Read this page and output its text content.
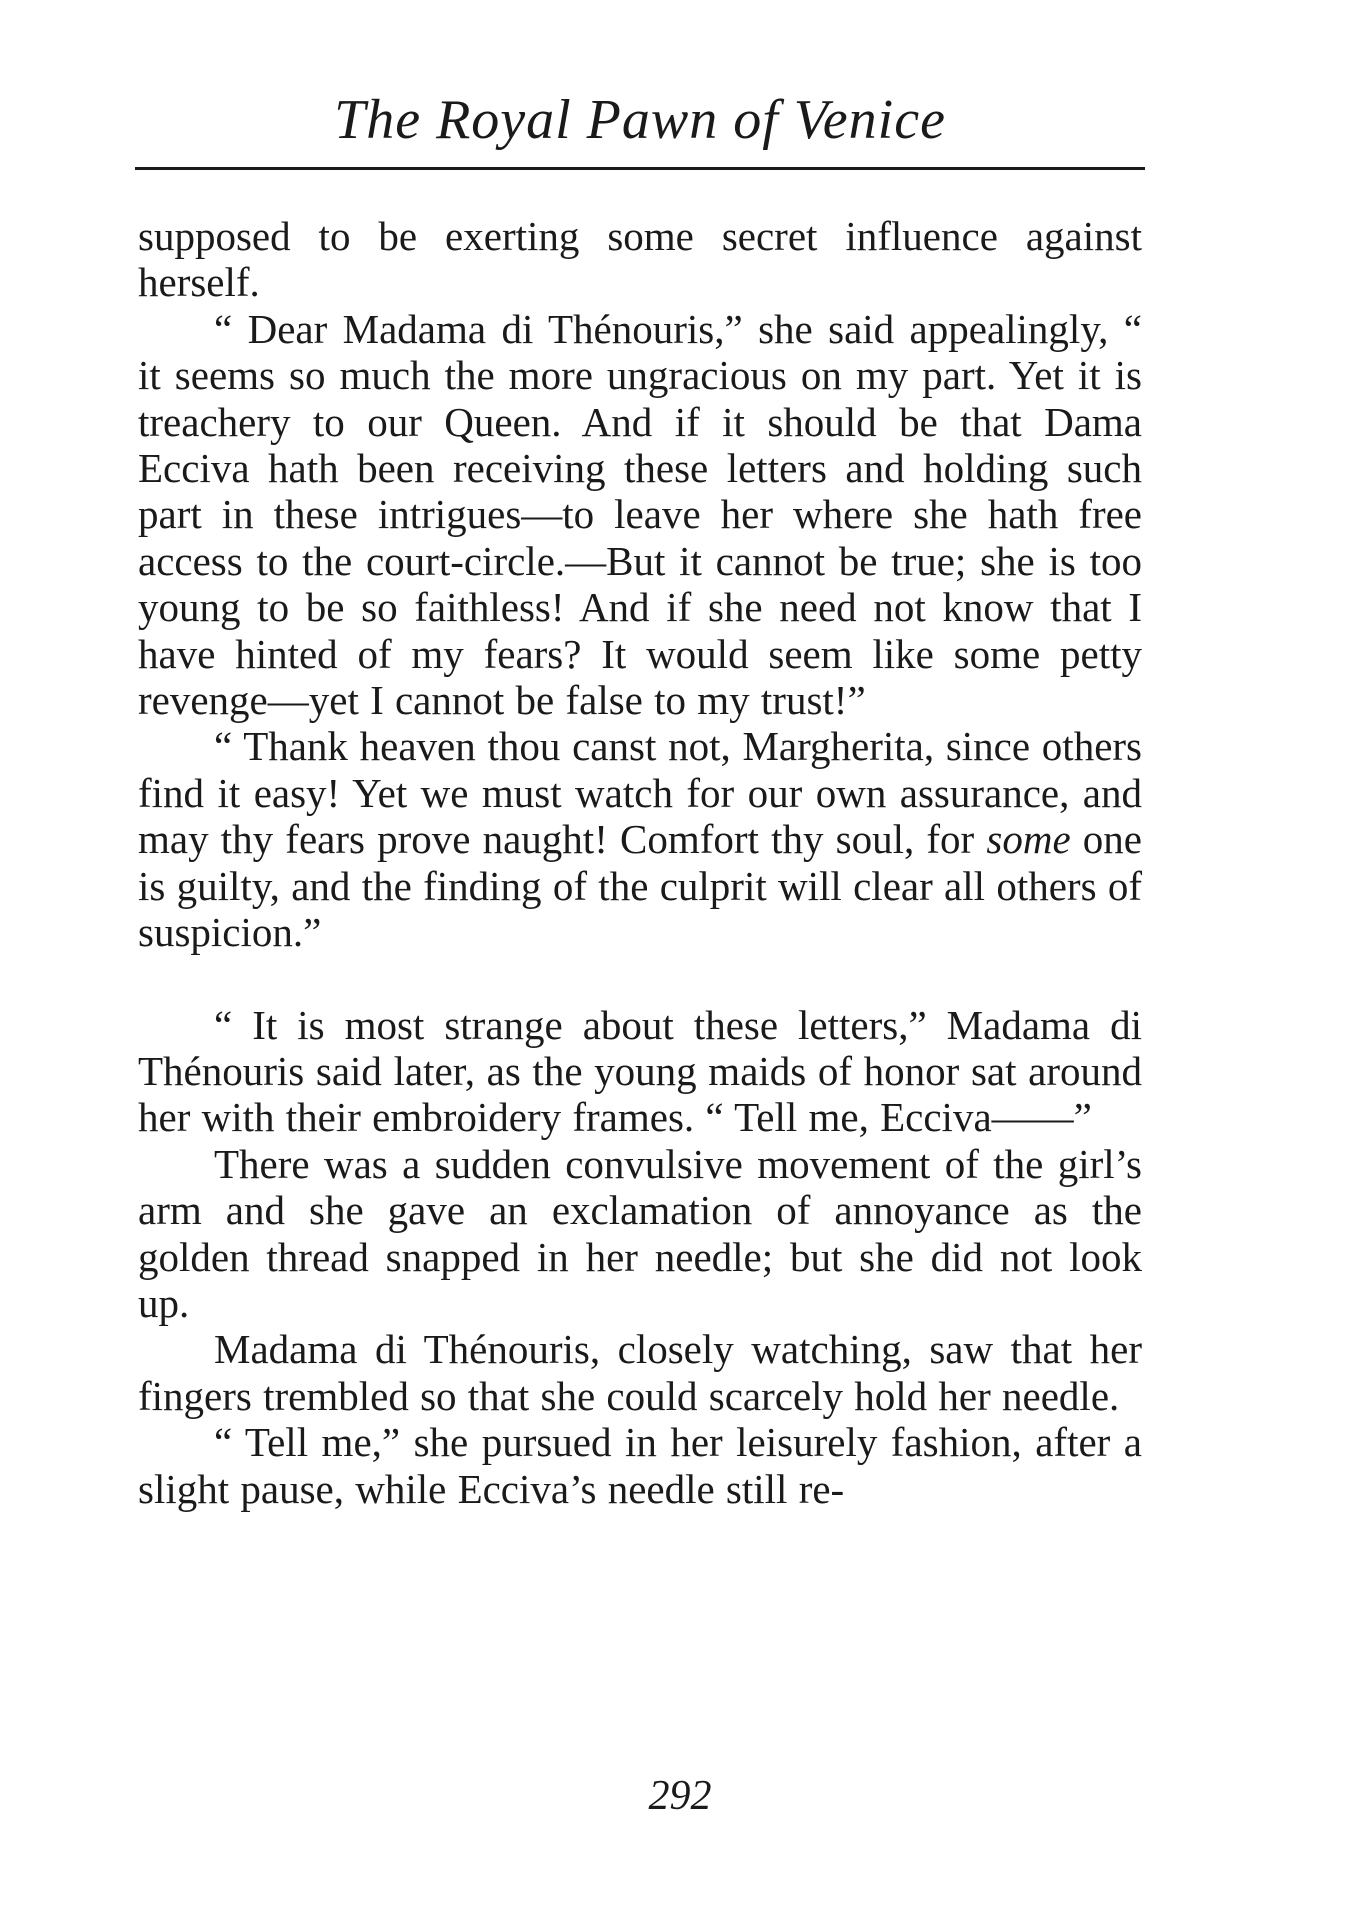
The Royal Pawn of Venice

supposed to be exerting some secret influence against herself.

“ Dear Madama di Thénouris,” she said appealingly, “ it seems so much the more ungracious on my part. Yet it is treachery to our Queen. And if it should be that Dama Ecciva hath been receiving these letters and holding such part in these intrigues—to leave her where she hath free access to the court-circle.—But it cannot be true; she is too young to be so faithless! And if she need not know that I have hinted of my fears? It would seem like some petty revenge—yet I cannot be false to my trust!”

“ Thank heaven thou canst not, Margherita, since others find it easy! Yet we must watch for our own assurance, and may thy fears prove naught! Comfort thy soul, for some one is guilty, and the finding of the culprit will clear all others of suspicion.”

“ It is most strange about these letters,” Madama di Thénouris said later, as the young maids of honor sat around her with their embroidery frames. “ Tell me, Ecciva——”

There was a sudden convulsive movement of the girl’s arm and she gave an exclamation of annoyance as the golden thread snapped in her needle; but she did not look up.

Madama di Thénouris, closely watching, saw that her fingers trembled so that she could scarcely hold her needle.

“ Tell me,” she pursued in her leisurely fashion, after a slight pause, while Ecciva’s needle still re-

292
